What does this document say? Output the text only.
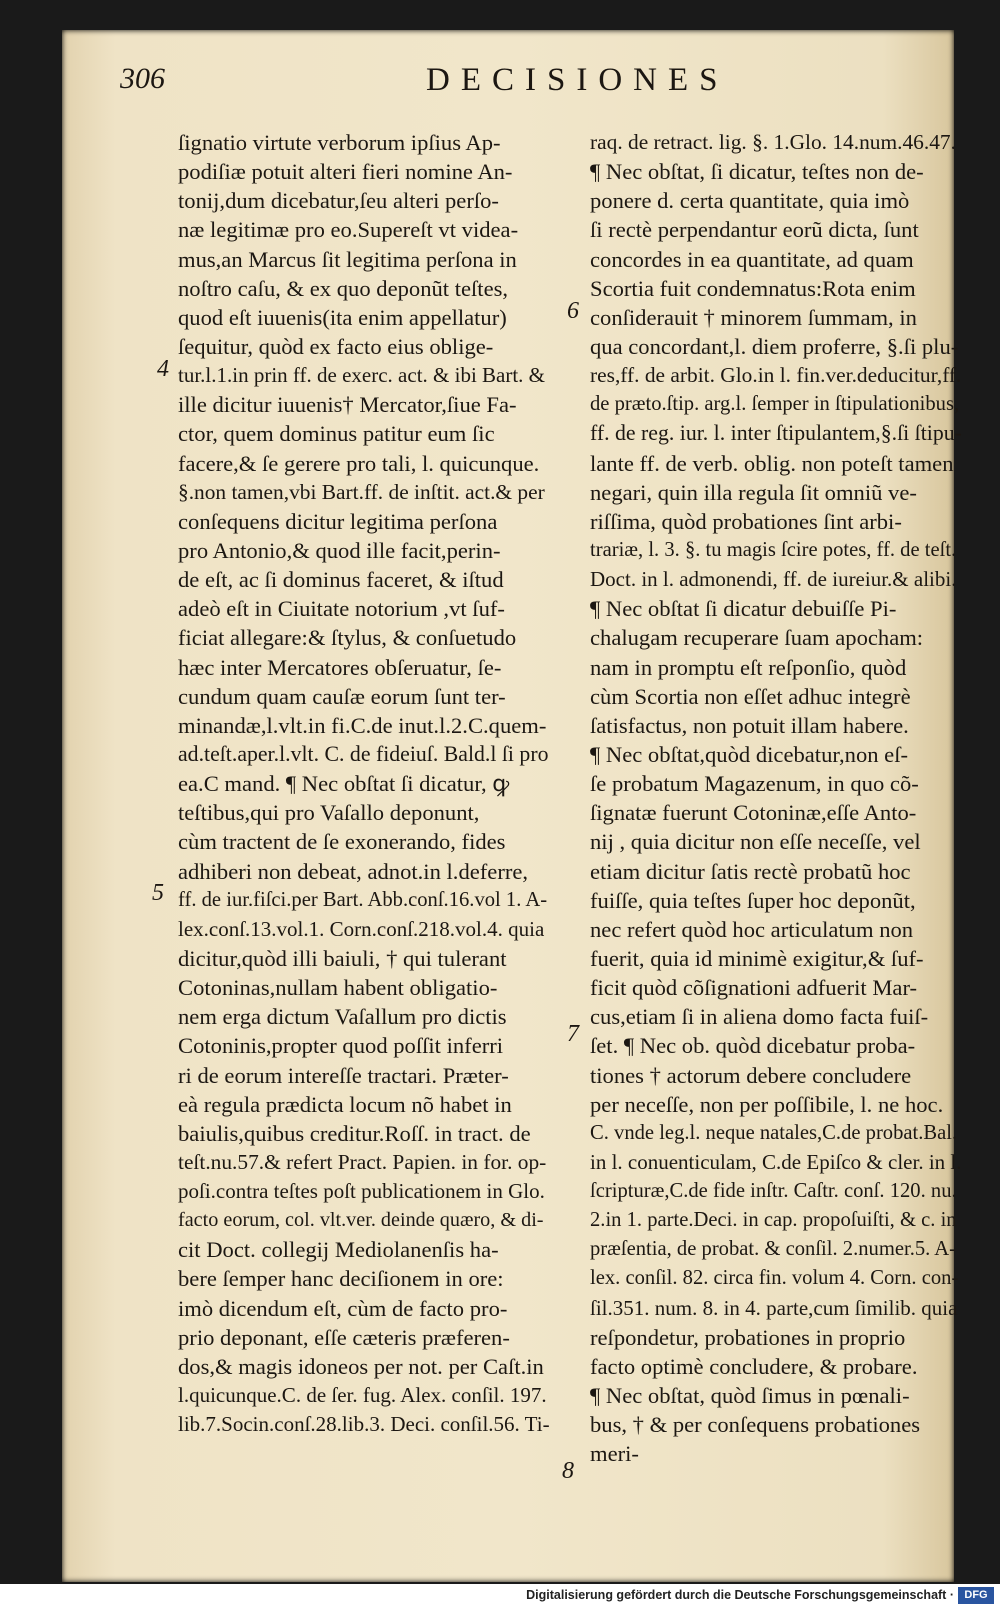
306	DECISIONES
ſignatio virtute verborum ipſius Ap-
podiſiæ potuit alteri fieri nomine An-
tonij,dum dicebatur,ſeu alteri perſo-
næ legitimæ pro eo.Supereſt vt videa-
mus,an Marcus ſit legitima perſona in
noſtro caſu, & ex quo deponũt teſtes,
quod eſt iuuenis(ita enim appellatur)
ſequitur, quòd ex facto eius oblige-
tur.l.1.in prin ff. de exerc. act. & ibi Bart. &
ille dicitur iuuenis† Mercator,ſiue Fa-
ctor, quem dominus patitur eum ſic
facere,& ſe gerere pro tali, l. quicunque.
§.non tamen,vbi Bart.ff. de inſtit. act.& per
conſequens dicitur legitima perſona
pro Antonio,& quod ille facit,perin-
de eſt, ac ſi dominus faceret, & iſtud
adeò eſt in Ciuitate notorium ,vt ſuf-
ficiat allegare:& ſtylus, & conſuetudo
hæc inter Mercatores obſeruatur, ſe-
cundum quam cauſæ eorum ſunt ter-
minandæ,l.vlt.in fi.C.de inut.l.2.C.quem-
ad.teſt.aper.l.vlt. C. de fideiuſ. Bald.l ſi pro
ea.C mand. ¶ Nec obſtat ſi dicatur, ꝙ
teſtibus,qui pro Vaſallo deponunt,
cùm tractent de ſe exonerando, fides
adhiberi non debeat, adnot.in l.deferre,
ff. de iur.fiſci.per Bart. Abb.conſ.16.vol 1. A-
lex.conſ.13.vol.1. Corn.conſ.218.vol.4. quia
dicitur,quòd illi baiuli, † qui tulerant
Cotoninas,nullam habent obligatio-
nem erga dictum Vaſallum pro dictis
Cotoninis,propter quod poſſit inferri
ri de eorum intereſſe tractari. Præter-
eà regula prædicta locum nõ habet in
baiulis,quibus creditur.Roſſ. in tract. de
teſt.nu.57.& refert Pract. Papien. in for. op-
poſi.contra teſtes poſt publicationem in Glo.
facto eorum, col. vlt.ver. deinde quæro, & di-
cit Doct. collegij Mediolanenſis ha-
bere ſemper hanc deciſionem in ore:
imò dicendum eſt, cùm de facto pro-
prio deponant, eſſe cæteris præferen-
dos,& magis idoneos per not. per Caſt.in
l.quicunque.C. de ſer. fug. Alex. conſil. 197.
lib.7.Socin.conſ.28.lib.3. Deci. conſil.56. Ti-
raq. de retract. lig. §. 1.Glo. 14.num.46.47.
¶ Nec obſtat, ſi dicatur, teſtes non de-
ponere d. certa quantitate, quia imò
ſi rectè perpendantur eorũ dicta, ſunt
concordes in ea quantitate, ad quam
Scortia fuit condemnatus:Rota enim
conſiderauit † minorem ſummam, in
qua concordant,l. diem proferre, §.ſi plu-
res,ff. de arbit. Glo.in l. fin.ver.deducitur,ff.
de præto.ſtip. arg.l. ſemper in ſtipulationibus,
ff. de reg. iur. l. inter ſtipulantem,§.ſi ſtipu-
lante ff. de verb. oblig. non poteſt tamen
negari, quin illa regula ſit omniũ ve-
riſſima, quòd probationes ſint arbi-
trariæ, l. 3. §. tu magis ſcire potes, ff. de teſt.
Doct. in l. admonendi, ff. de iureiur.& alibi.
¶ Nec obſtat ſi dicatur debuiſſe Pi-
chalugam recuperare ſuam apocham:
nam in promptu eſt reſponſio, quòd
cùm Scortia non eſſet adhuc integrè
ſatisfactus, non potuit illam habere.
¶ Nec obſtat,quòd dicebatur,non eſ-
ſe probatum Magazenum, in quo cõ-
ſignatæ fuerunt Cotoninæ,eſſe Anto-
nij , quia dicitur non eſſe neceſſe, vel
etiam dicitur ſatis rectè probatũ hoc
fuiſſe, quia teſtes ſuper hoc deponũt,
nec refert quòd hoc articulatum non
fuerit, quia id minimè exigitur,& ſuf-
ficit quòd cõſignationi adfuerit Mar-
cus,etiam ſi in aliena domo facta fuiſ-
ſet. ¶ Nec ob. quòd dicebatur proba-
tiones † actorum debere concludere
per neceſſe, non per poſſibile, l. ne hoc.
C. vnde leg.l. neque natales,C.de probat.Bal.
in l. conuenticulam, C.de Epiſco & cler. in l.
ſcripturæ,C.de fide inſtr. Caſtr. conſ. 120. nu.
2.in 1. parte.Deci. in cap. propoſuiſti, & c. in
præſentia, de probat. & conſil. 2.numer.5. A-
lex. conſil. 82. circa fin. volum 4. Corn. con-
ſil.351. num. 8. in 4. parte,cum ſimilib. quia
reſpondetur, probationes in proprio
facto optimè concludere, & probare.
¶ Nec obſtat, quòd ſimus in pœnali-
bus, † & per conſequens probationes
meri-
4
5
6
7
8
Digitalisierung gefördert durch die Deutsche Forschungsgemeinschaft · DFG
